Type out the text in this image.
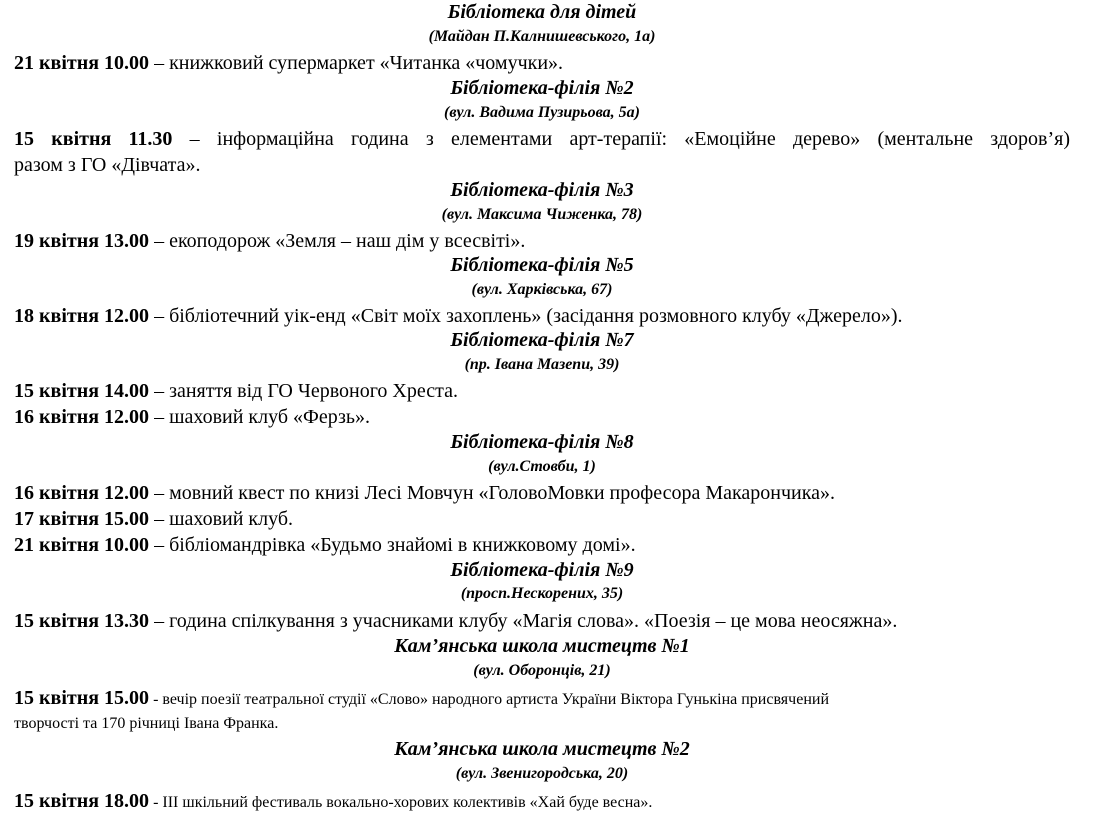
Бібліотека для дітей
(Майдан П.Калнишевського, 1а)
21 квітня 10.00 – книжковий супермаркет «Читанка «чомучки».
Бібліотека-філія №2
(вул. Вадима Пузирьова, 5а)
15 квітня 11.30 – інформаційна година з елементами арт-терапії: «Емоційне дерево» (ментальне здоров’я)
разом з ГО «Дівчата».
Бібліотека-філія №3
(вул. Максима Чиженка, 78)
19 квітня 13.00 – екоподорож «Земля – наш дім у всесвіті».
Бібліотека-філія №5
(вул. Харківська, 67)
18 квітня 12.00 – бібліотечний уік-енд «Світ моїх захоплень» (засідання розмовного клубу «Джерело»).
Бібліотека-філія №7
(пр. Івана Мазепи, 39)
15 квітня 14.00 – заняття від ГО Червоного Хреста.
16 квітня 12.00 – шаховий клуб «Ферзь».
Бібліотека-філія №8
(вул.Стовби, 1)
16 квітня 12.00 – мовний квест по книзі Лесі Мовчун «ГоловоМовки професора Макарончика».
17 квітня 15.00 – шаховий клуб.
21 квітня 10.00 – бібліомандрівка «Будьмо знайомі в книжковому домі».
Бібліотека-філія №9
(просп.Нескорених, 35)
15 квітня 13.30 – година спілкування з учасниками клубу «Магія слова». «Поезія – це мова неосяжна».
Кам’янська школа мистецтв №1
(вул. Оборонців, 21)
15 квітня 15.00 - вечір поезії театральної студії «Слово» народного артиста України Віктора Гунькіна присвячений
творчості та 170 річниці Івана Франка.
Кам’янська школа мистецтв №2
(вул. Звенигородська, 20)
15 квітня 18.00 - ІІІ шкільний фестиваль вокально-хорових колективів «Хай буде весна».
